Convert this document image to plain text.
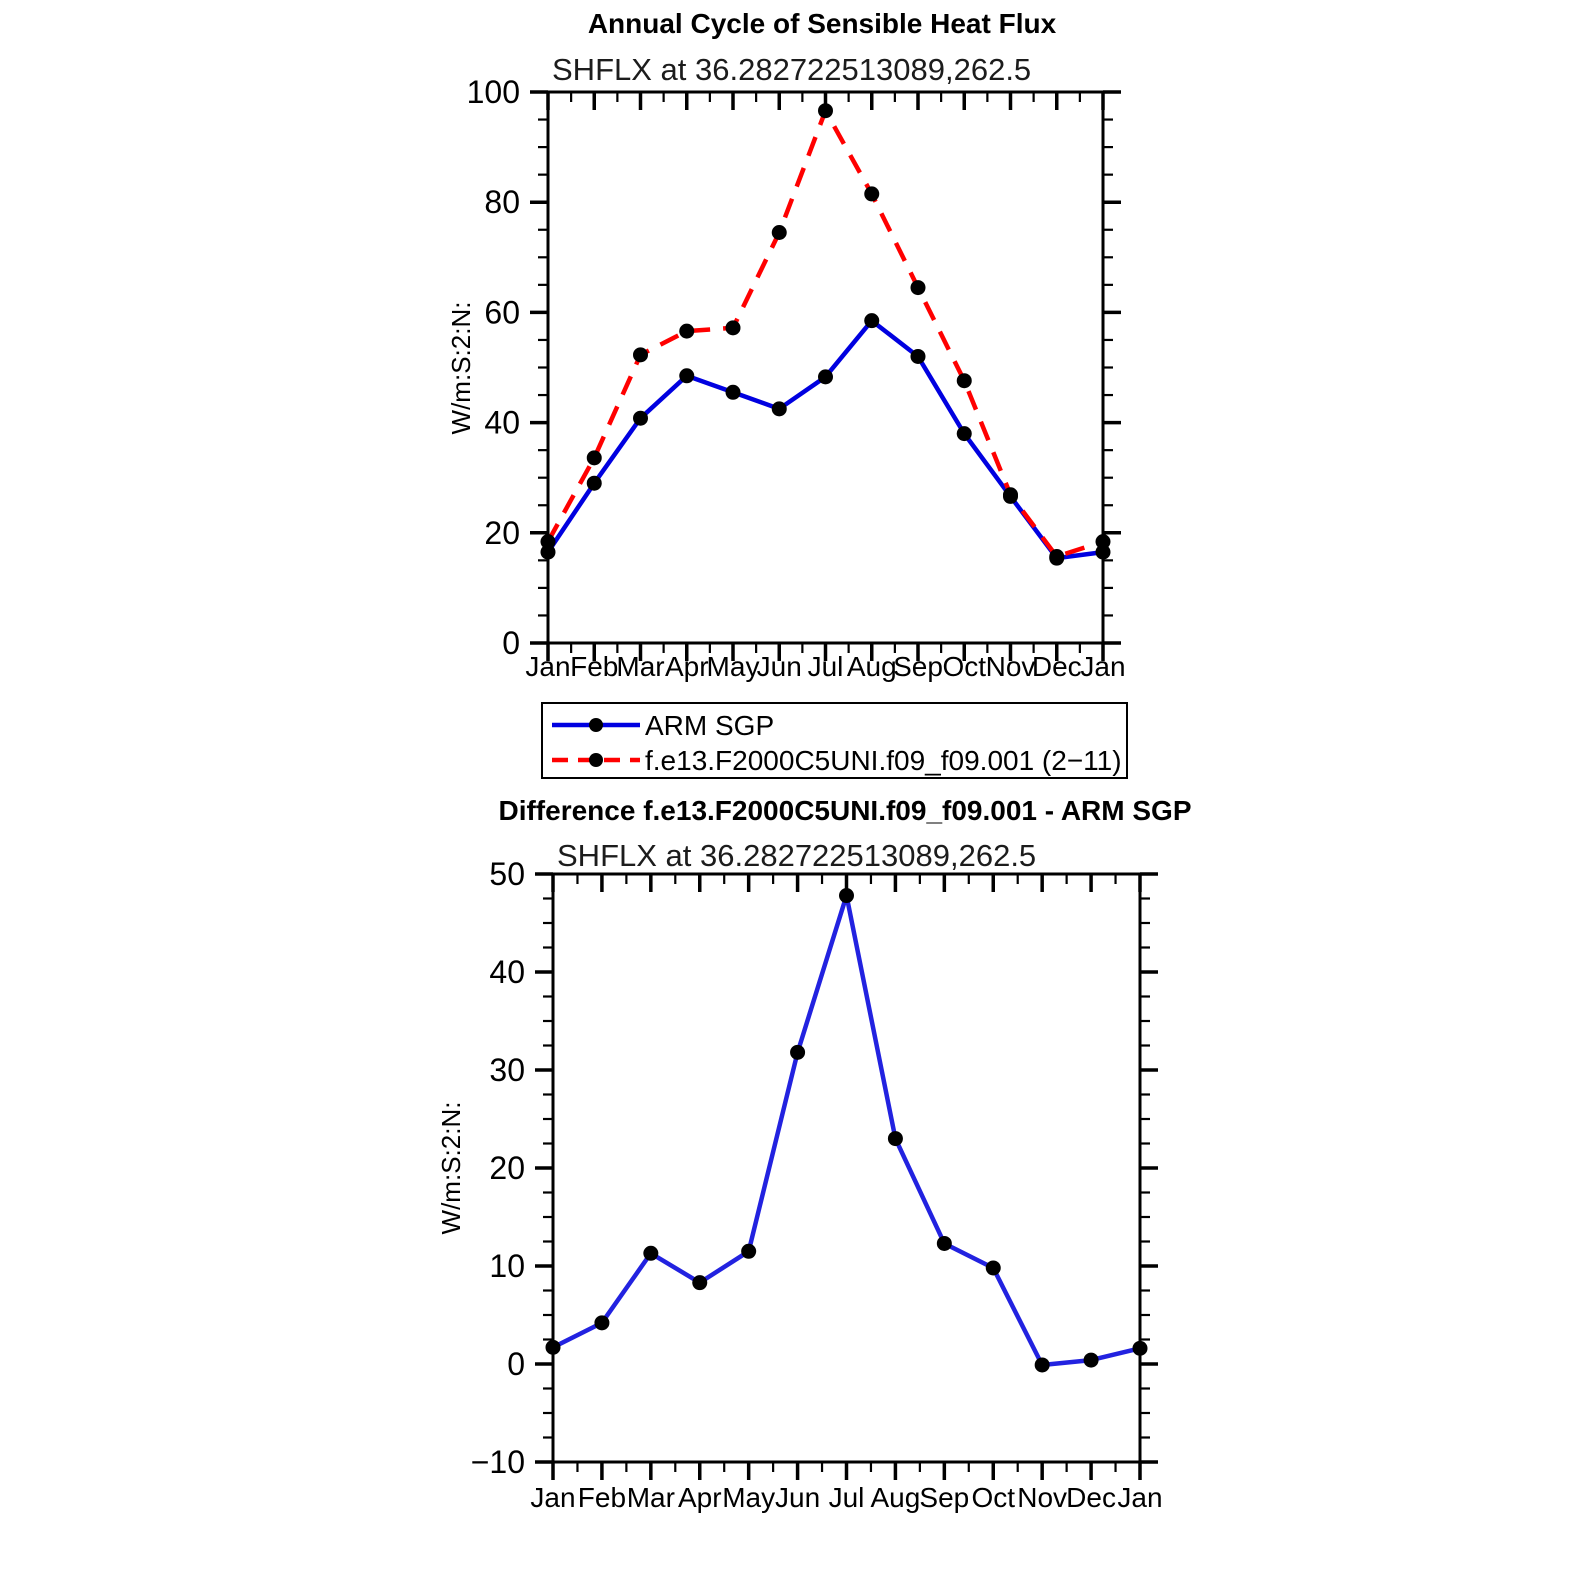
Annual Cycle of Sensible Heat Flux
SHFLX at 36.282722513089,262.5
W/m:S:2:N:
0
20
40
60
80
100
Jan Feb
Mar Apr
May
Jun Jul Aug
Sep Oct Nov
Dec
Jan
ARM SGP
f.e13.F2000C5UNI.f09_f09.001 (2−11)
Difference f.e13.F2000C5UNI.f09_f09.001 - ARM SGP
SHFLX at 36.282722513089,262.5
W/m:S:2:N:
−10
0
10
20
30
40
50
Jan Feb Mar Apr May Jun Jul Aug Sep Oct Nov Dec Jan
